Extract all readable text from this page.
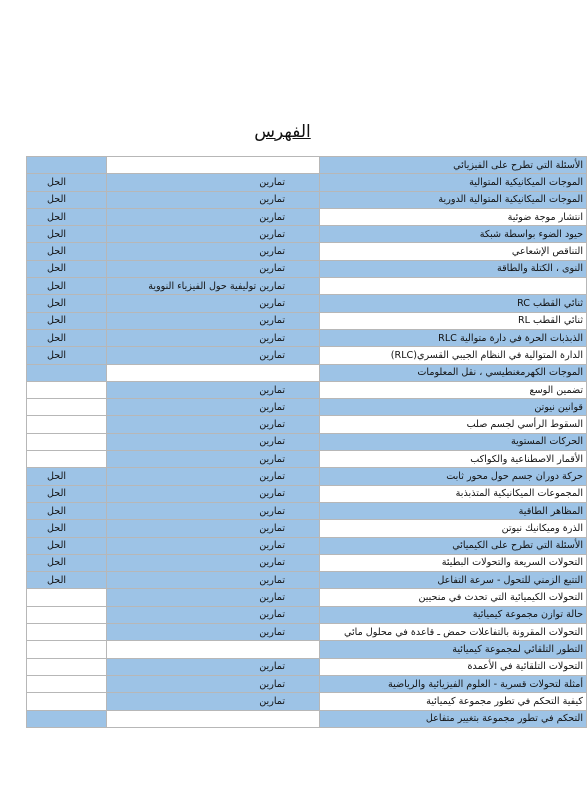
الفهرس
		الأسئلة التي تطرح على الفيزيائي
الحل	تمارين	الموجات الميكانيكية المتوالية
الحل	تمارين	الموجات الميكانيكية المتوالية الدورية
الحل	تمارين	انتشار موجة ضوئية
الحل	تمارين	حيود الضوء بواسطة شبكة
الحل	تمارين	التناقص الإشعاعي
الحل	تمارين	النوى ، الكتلة والطاقة
الحل	تمارين توليفية حول الفيزياء النووية	
الحل	تمارين	ثنائي القطب RC
الحل	تمارين	ثنائي القطب RL
الحل	تمارين	الذبذبات الحرة في دارة متوالية RLC
الحل	تمارين	الدارة المتوالية في النظام الجيبي القسري(RLC)
		الموجات الكهرمغنطيسي ، نقل المعلومات
	تمارين	تضمين الوسع
	تمارين	قوانين نيوتن
	تمارين	السقوط الرأسي لجسم صلب
	تمارين	الحركات المستوية
	تمارين	الأقمار الاصطناعية والكواكب
الحل	تمارين	حركة دوران جسم حول محور ثابت
الحل	تمارين	المجموعات الميكانيكية المتذبذبة
الحل	تمارين	المظاهر الطاقية
الحل	تمارين	الذرة وميكانيك نيوتن
الحل	تمارين	الأسئلة التي تطرح على الكيميائي
الحل	تمارين	التحولات السريعة والتحولات البطيئة
الحل	تمارين	التتبع الزمني للتحول - سرعة التفاعل
	تمارين	التحولات الكيميائية التي تحدث في منحيين
	تمارين	حالة توازن مجموعة كيميائية
	تمارين	التحولات المقرونة بالتفاعلات حمض ـ قاعدة في محلول مائي
		التطور التلقائي لمجموعة كيميائية
	تمارين	التحولات التلقائية في الأعمدة
	تمارين	أمثلة لتحولات قسرية - العلوم الفيزيائية والرياضية
	تمارين	كيفية التحكم في تطور مجموعة كيميائية
		التحكم في تطور مجموعة بتغيير متفاعل
